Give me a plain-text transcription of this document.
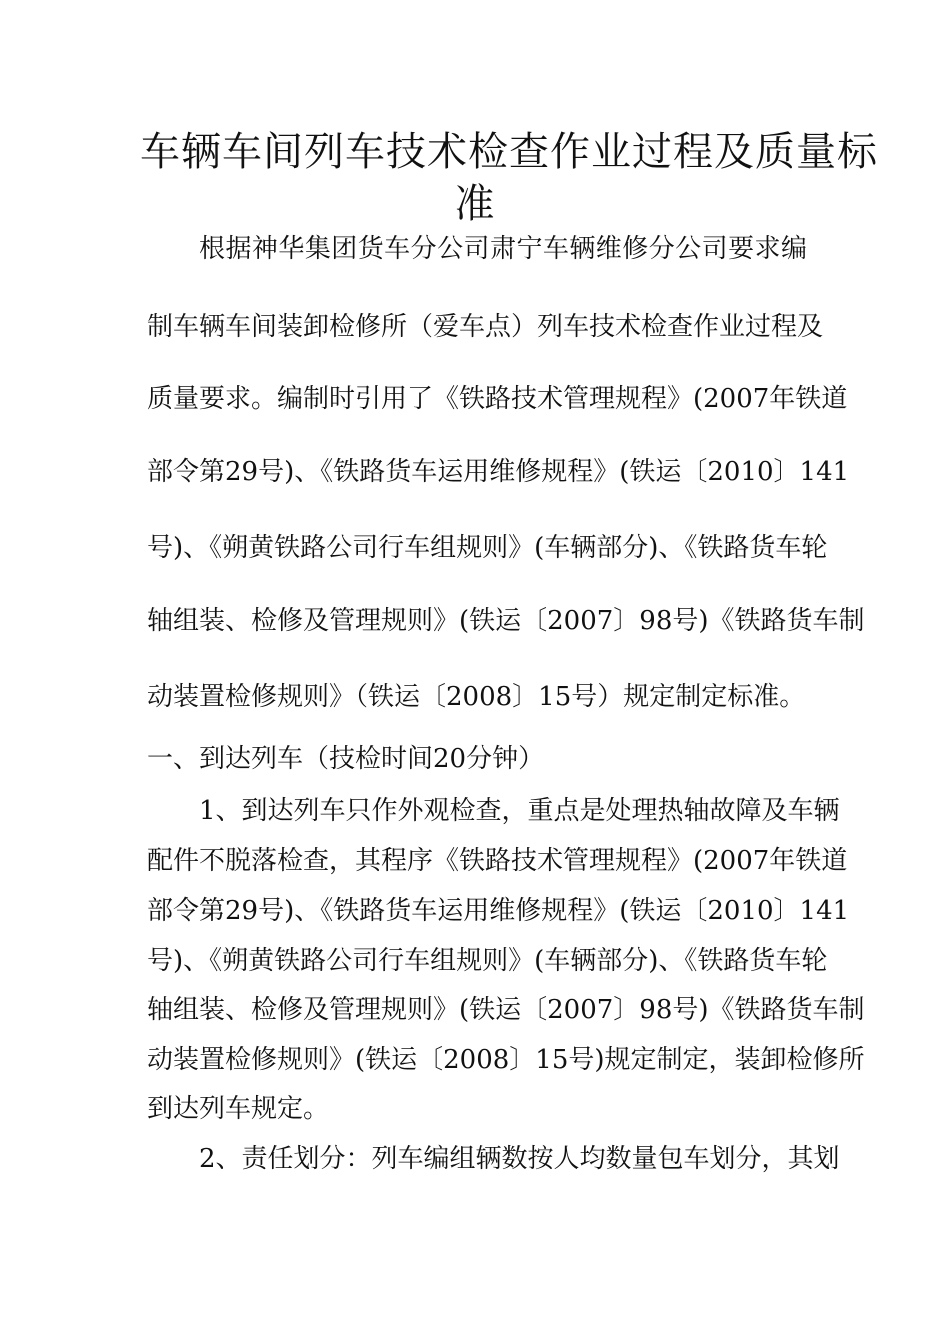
车辆车间列车技术检查作业过程及质量标
准
根据神华集团货车分公司肃宁车辆维修分公司要求编
制车辆车间装卸检修所（爱车点）列车技术检查作业过程及
质量要求。编制时引用了《铁路技术管理规程》(2007年铁道
部令第29号)、《铁路货车运用维修规程》(铁运〔2010〕141
号)、《朔黄铁路公司行车组规则》(车辆部分)、《铁路货车轮
轴组装、检修及管理规则》(铁运〔2007〕98号)《铁路货车制
动装置检修规则》（铁运〔2008〕15号）规定制定标准。
一、到达列车（技检时间20分钟）
1、到达列车只作外观检查，重点是处理热轴故障及车辆
配件不脱落检查，其程序《铁路技术管理规程》(2007年铁道
部令第29号)、《铁路货车运用维修规程》(铁运〔2010〕141
号)、《朔黄铁路公司行车组规则》(车辆部分)、《铁路货车轮
轴组装、检修及管理规则》(铁运〔2007〕98号)《铁路货车制
动装置检修规则》(铁运〔2008〕15号)规定制定，装卸检修所
到达列车规定。
2、责任划分：列车编组辆数按人均数量包车划分，其划
